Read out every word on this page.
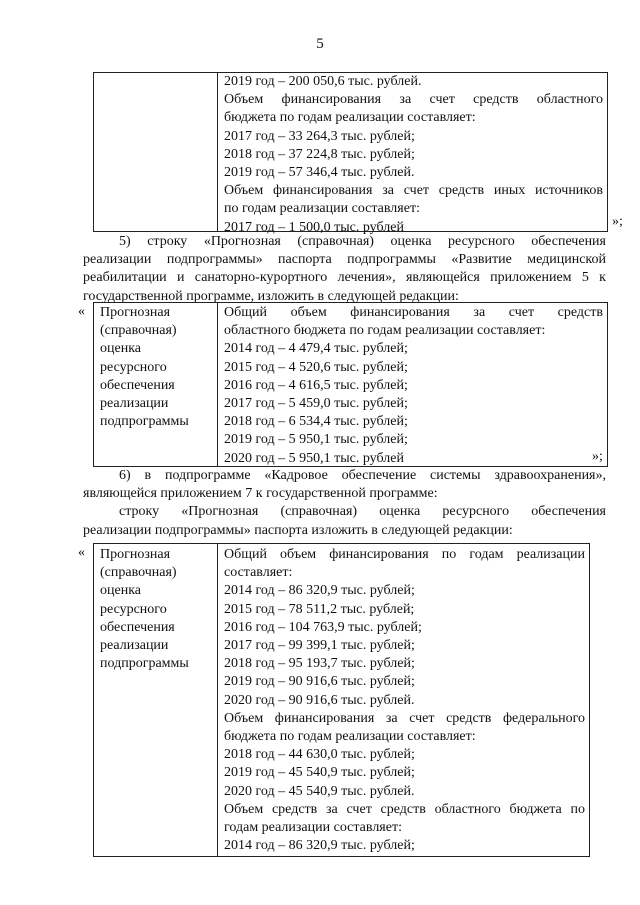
5
2019 год – 200 050,6 тыс. рублей.
Объем финансирования за счет средств областного
бюджета по годам реализации составляет:
2017 год – 33 264,3 тыс. рублей;
2018 год – 37 224,8 тыс. рублей;
2019 год – 57 346,4 тыс. рублей.
Объем финансирования за счет средств иных источников
по годам реализации составляет:
2017 год – 1 500,0 тыс. рублей	»;
5) строку «Прогнозная (справочная) оценка ресурсного обеспечения
реализации подпрограммы» паспорта подпрограммы «Развитие медицинской
реабилитации и санаторно-курортного лечения», являющейся приложением 5 к
государственной программе, изложить в следующей редакции:
« Прогнозная
(справочная)
оценка
ресурсного
обеспечения
реализации
подпрограммы
Общий объем финансирования за счет средств
областного бюджета по годам реализации составляет:
2014 год – 4 479,4 тыс. рублей;
2015 год – 4 520,6 тыс. рублей;
2016 год – 4 616,5 тыс. рублей;
2017 год – 5 459,0 тыс. рублей;
2018 год – 6 534,4 тыс. рублей;
2019 год – 5 950,1 тыс. рублей;
2020 год – 5 950,1 тыс. рублей	»;
6) в подпрограмме «Кадровое обеспечение системы здравоохранения»,
являющейся приложением 7 к государственной программе:
строку «Прогнозная (справочная) оценка ресурсного обеспечения
реализации подпрограммы» паспорта изложить в следующей редакции:
« Прогнозная
(справочная)
оценка
ресурсного
обеспечения
реализации
подпрограммы
Общий объем финансирования по годам реализации
составляет:
2014 год – 86 320,9 тыс. рублей;
2015 год – 78 511,2 тыс. рублей;
2016 год – 104 763,9 тыс. рублей;
2017 год – 99 399,1 тыс. рублей;
2018 год – 95 193,7 тыс. рублей;
2019 год – 90 916,6 тыс. рублей;
2020 год – 90 916,6 тыс. рублей.
Объем финансирования за счет средств федерального
бюджета по годам реализации составляет:
2018 год – 44 630,0 тыс. рублей;
2019 год – 45 540,9 тыс. рублей;
2020 год – 45 540,9 тыс. рублей.
Объем средств за счет средств областного бюджета по
годам реализации составляет:
2014 год – 86 320,9 тыс. рублей;
